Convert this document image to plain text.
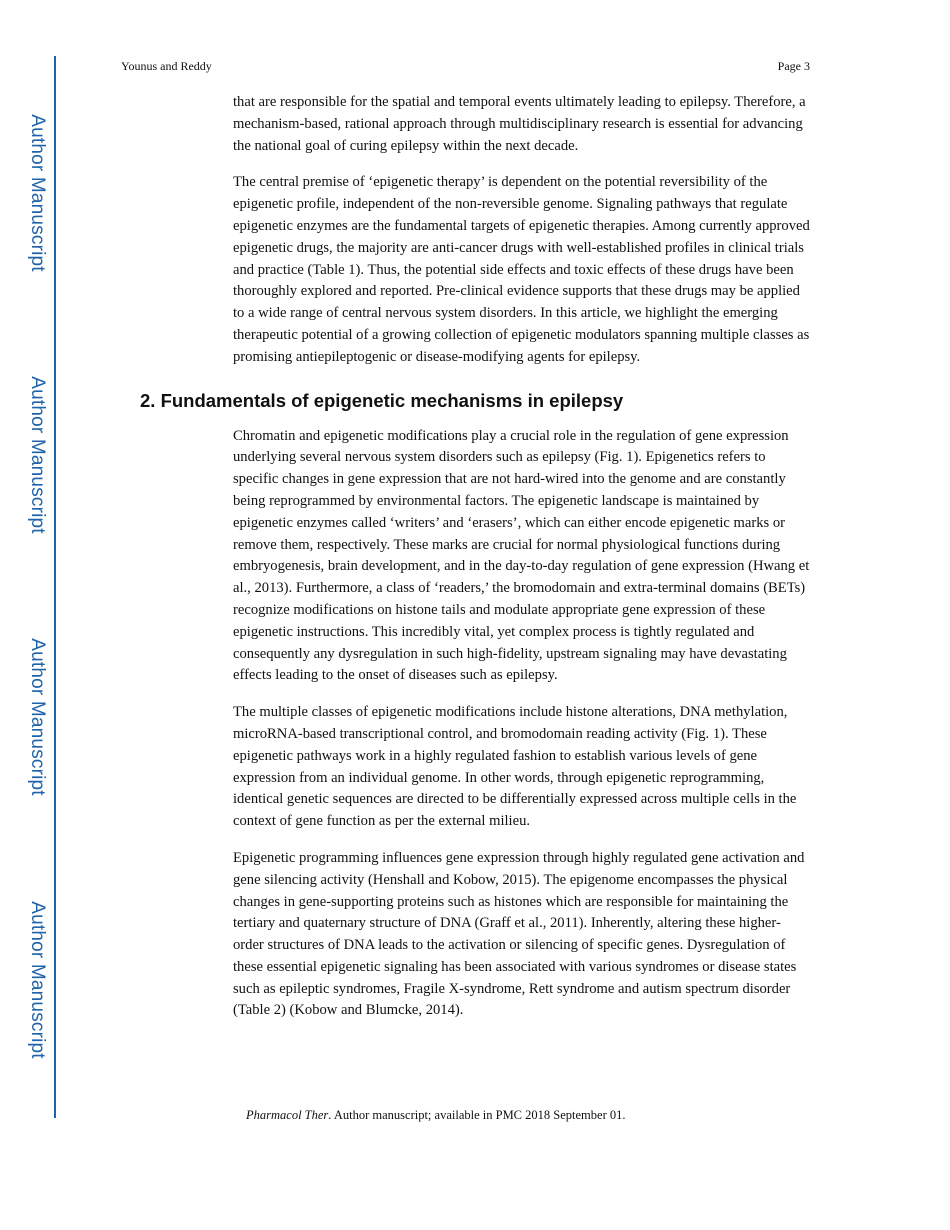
Author Manuscript
Author Manuscript
Author Manuscript
Author Manuscript
Younus and Reddy	Page 3

that are responsible for the spatial and temporal events ultimately leading to epilepsy. Therefore, a mechanism-based, rational approach through multidisciplinary research is essential for advancing the national goal of curing epilepsy within the next decade.

The central premise of ‘epigenetic therapy’ is dependent on the potential reversibility of the epigenetic profile, independent of the non-reversible genome. Signaling pathways that regulate epigenetic enzymes are the fundamental targets of epigenetic therapies. Among currently approved epigenetic drugs, the majority are anti-cancer drugs with well-established profiles in clinical trials and practice (Table 1). Thus, the potential side effects and toxic effects of these drugs have been thoroughly explored and reported. Pre-clinical evidence supports that these drugs may be applied to a wide range of central nervous system disorders. In this article, we highlight the emerging therapeutic potential of a growing collection of epigenetic modulators spanning multiple classes as promising antiepileptogenic or disease-modifying agents for epilepsy.

2. Fundamentals of epigenetic mechanisms in epilepsy

Chromatin and epigenetic modifications play a crucial role in the regulation of gene expression underlying several nervous system disorders such as epilepsy (Fig. 1). Epigenetics refers to specific changes in gene expression that are not hard-wired into the genome and are constantly being reprogrammed by environmental factors. The epigenetic landscape is maintained by epigenetic enzymes called ‘writers’ and ‘erasers’, which can either encode epigenetic marks or remove them, respectively. These marks are crucial for normal physiological functions during embryogenesis, brain development, and in the day-to-day regulation of gene expression (Hwang et al., 2013). Furthermore, a class of ‘readers,’ the bromodomain and extra-terminal domains (BETs) recognize modifications on histone tails and modulate appropriate gene expression of these epigenetic instructions. This incredibly vital, yet complex process is tightly regulated and consequently any dysregulation in such high-fidelity, upstream signaling may have devastating effects leading to the onset of diseases such as epilepsy.

The multiple classes of epigenetic modifications include histone alterations, DNA methylation, microRNA-based transcriptional control, and bromodomain reading activity (Fig. 1). These epigenetic pathways work in a highly regulated fashion to establish various levels of gene expression from an individual genome. In other words, through epigenetic reprogramming, identical genetic sequences are directed to be differentially expressed across multiple cells in the context of gene function as per the external milieu.

Epigenetic programming influences gene expression through highly regulated gene activation and gene silencing activity (Henshall and Kobow, 2015). The epigenome encompasses the physical changes in gene-supporting proteins such as histones which are responsible for maintaining the tertiary and quaternary structure of DNA (Graff et al., 2011). Inherently, altering these higher-order structures of DNA leads to the activation or silencing of specific genes. Dysregulation of these essential epigenetic signaling has been associated with various syndromes or disease states such as epileptic syndromes, Fragile X-syndrome, Rett syndrome and autism spectrum disorder (Table 2) (Kobow and Blumcke, 2014).

Pharmacol Ther. Author manuscript; available in PMC 2018 September 01.
